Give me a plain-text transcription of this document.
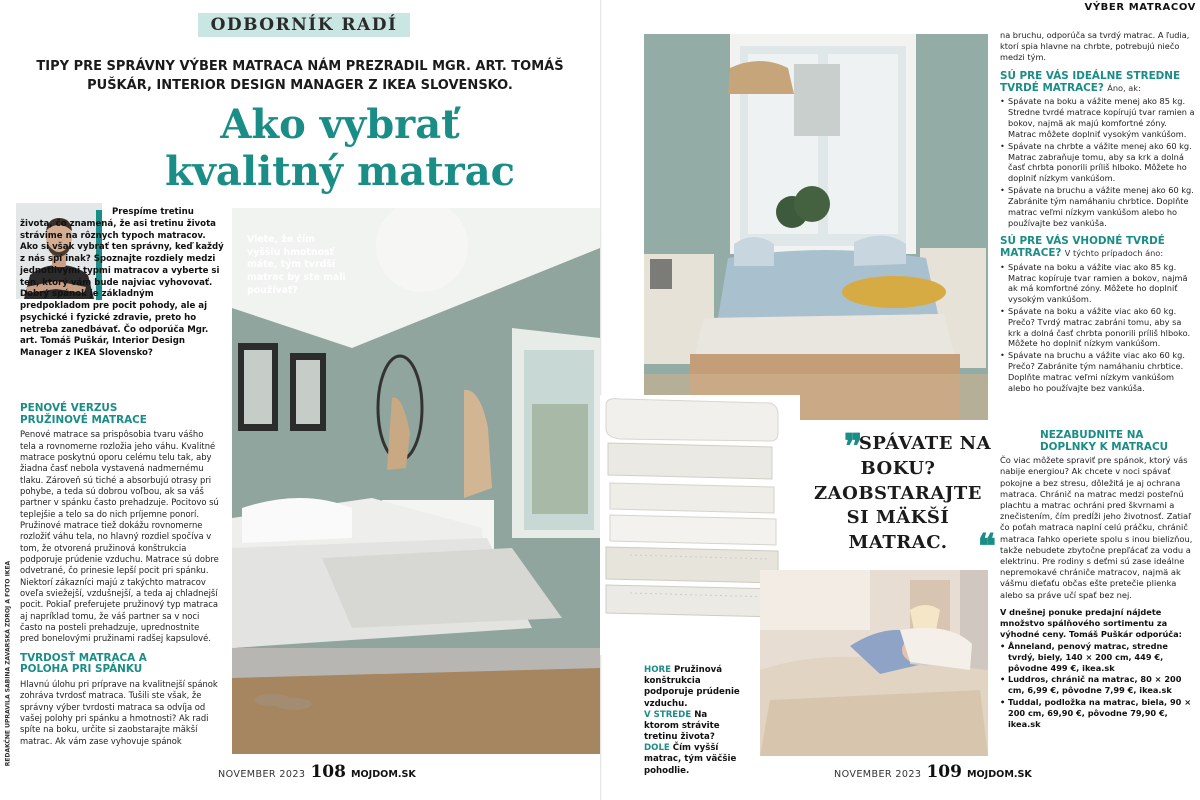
ODBORNÍK RADÍ
TIPY PRE SPRÁVNY VÝBER MATRACA NÁM PREZRADIL MGR. ART. TOMÁŠ PUŠKÁR, INTERIOR DESIGN MANAGER Z IKEA SLOVENSKO.
Ako vybrať
kvalitný matrac
Prespíme tretinu života, čo znamená, že asi tretinu života strávime na rôznych typoch matracov. Ako si však vybrať ten správny, keď každý z nás spí inak? Spoznajte rozdiely medzi jednotlivými typmi matracov a vyberte si ten, ktorý vám bude najviac vyhovovať. Dobrý spánok je základným predpokladom pre pocit pohody, ale aj psychické i fyzické zdravie, preto ho netreba zanedbávať. Čo odporúča Mgr. art. Tomáš Puškár, Interior Design Manager z IKEA Slovensko?
PENOVÉ VERZUS PRUŽINOVÉ MATRACE
Penové matrace sa prispôsobia tvaru vášho tela a rovnomerne rozložia jeho váhu. Kvalitné matrace poskytnú oporu celému telu tak, aby žiadna časť nebola vystavená nadmernému tlaku. Zároveň sú tiché a absorbujú otrasy pri pohybe, a teda sú dobrou voľbou, ak sa váš partner v spánku často prehadzuje. Pocitovo sú teplejšie a telo sa do nich príjemne ponorí. Pružinové matrace tiež dokážu rovnomerne rozložiť váhu tela, no hlavný rozdiel spočíva v tom, že otvorená pružinová konštrukcia podporuje prúdenie vzduchu. Matrace sú dobre odvetrané, čo prinesie lepší pocit pri spánku. Niektorí zákazníci majú z takýchto matracov oveľa sviežejší, vzdušnejší, a teda aj chladnejší pocit. Pokiaľ preferujete pružinový typ matraca aj napríklad tomu, že váš partner sa v noci často na posteli prehadzuje, uprednostnite pred bonelovými pružinami radšej kapsulové.
TVRDOSŤ MATRACA A POLOHA PRI SPÁNKU
Hlavnú úlohu pri príprave na kvalitnejší spánok zohráva tvrdosť matraca. Tušili ste však, že správny výber tvrdosti matraca sa odvíja od vašej polohy pri spánku a hmotnosti? Ak radi spíte na boku, určite si zaobstarajte mäkší matrac. Ak vám zase vyhovuje spánok
Viete, že čím vyššiu hmotnosť máte, tým tvrdší matrac by ste mali používať?
REDAKČNE UPRAVILA SABINA ZAVARSKÁ ZDROJ A FOTO IKEA
NOVEMBER 2023 108 MOJDOM.SK
VÝBER MATRACOV
HORE Pružinová konštrukcia podporuje prúdenie vzduchu.
V STREDE Na ktorom strávite tretinu života?
DOLE Čím vyšší matrac, tým väčšie pohodlie.
❞
SPÁVATE NA BOKU? ZAOBSTARAJTE SI MÄKŠÍ MATRAC. ❝
na bruchu, odporúča sa tvrdý matrac. A ľudia, ktorí spia hlavne na chrbte, potrebujú niečo medzi tým.
SÚ PRE VÁS IDEÁLNE STREDNE TVRDÉ MATRACE? Áno, ak:
• Spávate na boku a vážite menej ako 85 kg. Stredne tvrdé matrace kopírujú tvar ramien a bokov, najmä ak majú komfortné zóny. Matrac môžete doplniť vysokým vankúšom.
• Spávate na chrbte a vážite menej ako 60 kg. Matrac zabraňuje tomu, aby sa krk a dolná časť chrbta ponorili príliš hlboko. Môžete ho doplniť nízkym vankúšom.
• Spávate na bruchu a vážite menej ako 60 kg. Zabránite tým namáhaniu chrbtice. Doplňte matrac veľmi nízkym vankúšom alebo ho používajte bez vankúša.
SÚ PRE VÁS VHODNÉ TVRDÉ MATRACE? V týchto prípadoch áno:
• Spávate na boku a vážite viac ako 85 kg. Matrac kopíruje tvar ramien a bokov, najmä ak má komfortné zóny. Môžete ho doplniť vysokým vankúšom.
• Spávate na boku a vážite viac ako 60 kg. Prečo? Tvrdý matrac zabráni tomu, aby sa krk a dolná časť chrbta ponorili príliš hlboko. Môžete ho doplniť nízkym vankúšom.
• Spávate na bruchu a vážite viac ako 60 kg. Prečo? Zabránite tým namáhaniu chrbtice. Doplňte matrac veľmi nízkym vankúšom alebo ho používajte bez vankúša.
NEZABUDNITE NA DOPLNKY K MATRACU
Čo viac môžete spraviť pre spánok, ktorý vás nabije energiou? Ak chcete v noci spávať pokojne a bez stresu, dôležitá je aj ochrana matraca. Chránič na matrac medzi posteľnú plachtu a matrac ochráni pred škvrnami a znečistením, čím predĺži jeho životnosť. Zatiaľ čo poťah matraca naplní celú práčku, chránič matraca ľahko operiete spolu s inou bielizňou, takže nebudete zbytočne prepľácať za vodu a elektrinu. Pre rodiny s deťmi sú zase ideálne nepremokavé chrániče matracov, najmä ak vášmu dieťaťu občas ešte pretečie plienka alebo sa práve učí spať bez nej.
V dnešnej ponuke predajní nájdete množstvo spálňového sortimentu za výhodné ceny. Tomáš Puškár odporúča:
• Ånneland, penový matrac, stredne tvrdý, biely, 140 × 200 cm, 449 €, pôvodne 499 €, ikea.sk
• Luddros, chránič na matrac, 80 × 200 cm, 6,99 €, pôvodne 7,99 €, ikea.sk
• Tuddal, podložka na matrac, biela, 90 × 200 cm, 69,90 €, pôvodne 79,90 €, ikea.sk
NOVEMBER 2023 109 MOJDOM.SK
